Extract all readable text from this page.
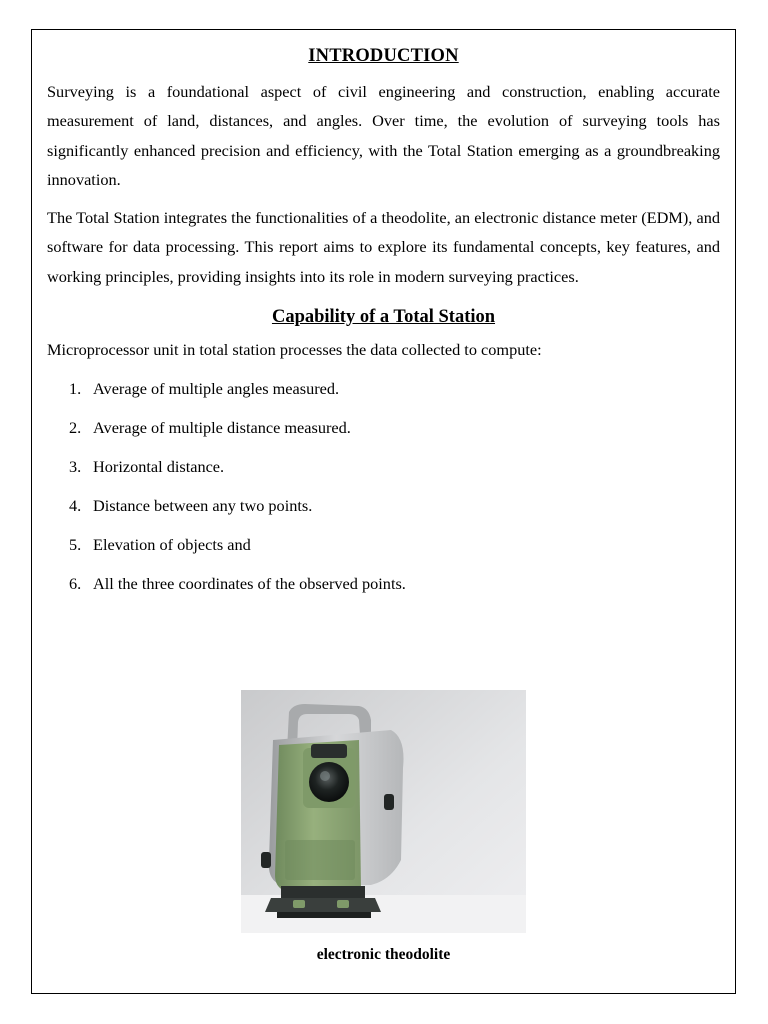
INTRODUCTION

Surveying is a foundational aspect of civil engineering and construction, enabling accurate measurement of land, distances, and angles. Over time, the evolution of surveying tools has significantly enhanced precision and efficiency, with the Total Station emerging as a groundbreaking innovation.

The Total Station integrates the functionalities of a theodolite, an electronic distance meter (EDM), and software for data processing. This report aims to explore its fundamental concepts, key features, and working principles, providing insights into its role in modern surveying practices.

Capability of a Total Station

Microprocessor unit in total station processes the data collected to compute:

1. Average of multiple angles measured.
2. Average of multiple distance measured.
3. Horizontal distance.
4. Distance between any two points.
5. Elevation of objects and
6. All the three coordinates of the observed points.
electronic theodolite
